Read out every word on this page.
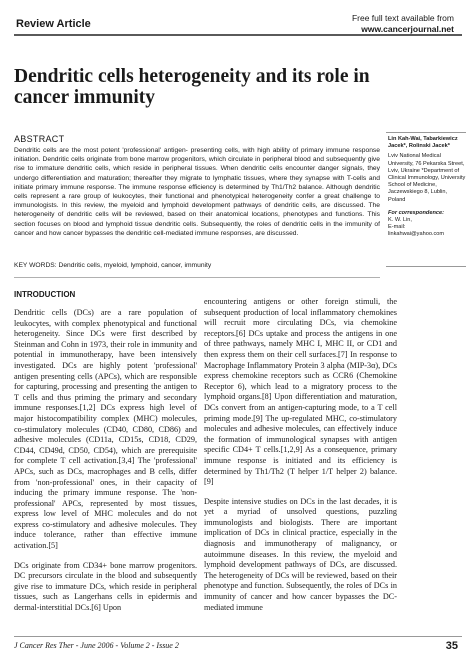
Review Article	Free full text available from
www.cancerjournal.net
Dendritic cells heterogeneity and its role in cancer immunity
ABSTRACT
Dendritic cells are the most potent 'professional' antigen- presenting cells, with high ability of primary immune response initiation. Dendritic cells originate from bone marrow progenitors, which circulate in peripheral blood and subsequently give rise to immature dendritic cells, which reside in peripheral tissues. When dendritic cells encounter danger signals, they undergo differentiation and maturation; thereafter they migrate to lymphatic tissues, where they synapse with T-cells and initiate primary immune response. The immune response efficiency is determined by Th1/Th2 balance. Although dendritic cells represent a rare group of leukocytes, their functional and phenotypical heterogeneity confer a great challenge to immunologists. In this review, the myeloid and lymphoid development pathways of dendritic cells, are discussed. The heterogeneity of dendritic cells will be reviewed, based on their anatomical locations, phenotypes and functions. This section focuses on blood and lymphoid tissue dendritic cells. Subsequently, the roles of dendritic cells in the immunity of cancer and how cancer bypasses the dendritic cell-mediated immune responses, are discussed.
KEY WORDS: Dendritic cells, myeloid, lymphoid, cancer, immunity
Lin Kah-Wai, Tabarkiewicz Jacek*, Rolinski Jacek*
Lviv National Medical University, 76 Pekarska Street, Lviv, Ukraine *Department of Clinical Immunology, University School of Medicine, Jaczewskiego 8, Lublin, Poland
For correspondence:
K. W. Lin,
E-mail:
linkahwai@yahoo.com
INTRODUCTION

Dendritic cells (DCs) are a rare population of leukocytes, with complex phenotypical and functional heterogeneity. Since DCs were first described by Steinman and Cohn in 1973, their role in immunity and potential in immunotherapy, have been intensively investigated. DCs are highly potent 'professional' antigen presenting cells (APCs), which are responsible for capturing, processing and presenting the antigen to T cells and thus priming the primary and secondary immune responses.[1,2] DCs express high level of major histocompatibility complex (MHC) molecules, co-stimulatory molecules (CD40, CD80, CD86) and adhesive molecules (CD11a, CD15s, CD18, CD29, CD44, CD49d, CD50, CD54), which are prerequisite for complete T cell activation.[3,4] The 'professional' APCs, such as DCs, macrophages and B cells, differ from 'non-professional' ones, in their capacity of inducing the primary immune response. The 'non-professional' APCs, represented by most tissues, express low level of MHC molecules and do not express co-stimulatory and adhesive molecules. They induce tolerance, rather than effective immune activation.[5]

DCs originate from CD34+ bone marrow progenitors. DC precursors circulate in the blood and subsequently give rise to immature DCs, which reside in peripheral tissues, such as Langerhans cells in epidermis and dermal-interstitial DCs.[6] Upon

encountering antigens or other foreign stimuli, the subsequent production of local inflammatory chemokines will recruit more circulating DCs, via chemokine receptors.[6] DCs uptake and process the antigens in one of three pathways, namely MHC I, MHC II, or CD1 and then express them on their cell surfaces.[7] In response to Macrophage Inflammatory Protein 3 alpha (MIP-3α), DCs express chemokine receptors such as CCR6 (Chemokine Receptor 6), which lead to a migratory process to the lymphoid organs.[8] Upon differentiation and maturation, DCs convert from an antigen-capturing mode, to a T cell priming mode.[9] The up-regulated MHC, co-stimulatory molecules and adhesive molecules, can effectively induce the formation of immunological synapses with antigen specific CD4+ T cells.[1,2,9] As a consequence, primary immune response is initiated and its efficiency is determined by Th1/Th2 (T helper 1/T helper 2) balance.[9]

Despite intensive studies on DCs in the last decades, it is yet a myriad of unsolved questions, puzzling immunologists and biologists. There are important implication of DCs in clinical practice, especially in the diagnosis and immunotherapy of malignancy, or autoimmune diseases. In this review, the myeloid and lymphoid development pathways of DCs, are discussed. The heterogeneity of DCs will be reviewed, based on their phenotype and function. Subsequently, the roles of DCs in immunity of cancer and how cancer bypasses the DC-mediated immune

J Cancer Res Ther - June 2006 - Volume 2 - Issue 2	35
